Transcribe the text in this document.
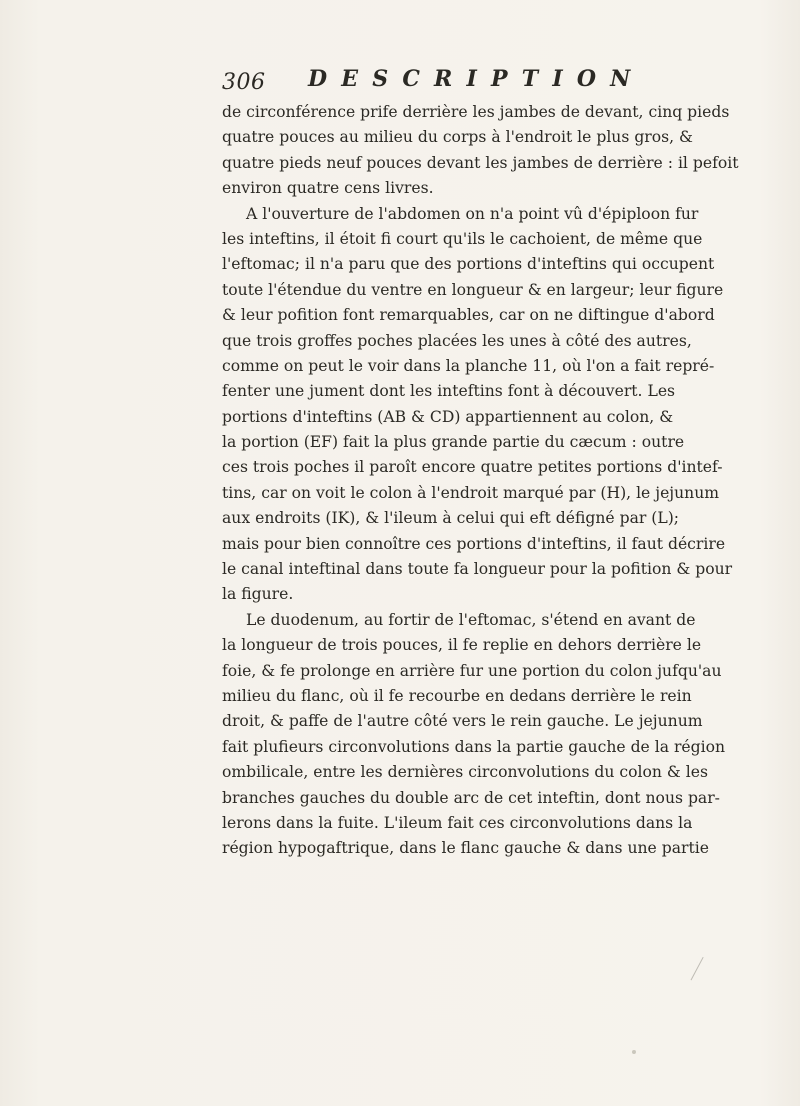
306 DESCRIPTION
de circonférence prife derrière les jambes de devant, cinq pieds
quatre pouces au milieu du corps à l'endroit le plus gros, &
quatre pieds neuf pouces devant les jambes de derrière : il pefoit
environ quatre cens livres.
A l'ouverture de l'abdomen on n'a point vû d'épiploon fur
les inteftins, il étoit fi court qu'ils le cachoient, de même que
l'eftomac; il n'a paru que des portions d'inteftins qui occupent
toute l'étendue du ventre en longueur & en largeur; leur figure
& leur pofition font remarquables, car on ne diftingue d'abord
que trois groffes poches placées les unes à côté des autres,
comme on peut le voir dans la planche 11, où l'on a fait repré-
fenter une jument dont les inteftins font à découvert. Les
portions d'inteftins (AB & CD) appartiennent au colon, &
la portion (EF) fait la plus grande partie du cæcum : outre
ces trois poches il paroît encore quatre petites portions d'intef-
tins, car on voit le colon à l'endroit marqué par (H), le jejunum
aux endroits (IK), & l'ileum à celui qui eft défigné par (L);
mais pour bien connoître ces portions d'inteftins, il faut décrire
le canal inteftinal dans toute fa longueur pour la pofition & pour
la figure.
Le duodenum, au fortir de l'eftomac, s'étend en avant de
la longueur de trois pouces, il fe replie en dehors derrière le
foie, & fe prolonge en arrière fur une portion du colon jufqu'au
milieu du flanc, où il fe recourbe en dedans derrière le rein
droit, & paffe de l'autre côté vers le rein gauche. Le jejunum
fait plufieurs circonvolutions dans la partie gauche de la région
ombilicale, entre les dernières circonvolutions du colon & les
branches gauches du double arc de cet inteftin, dont nous par-
lerons dans la fuite. L'ileum fait ces circonvolutions dans la
région hypogaftrique, dans le flanc gauche & dans une partie
